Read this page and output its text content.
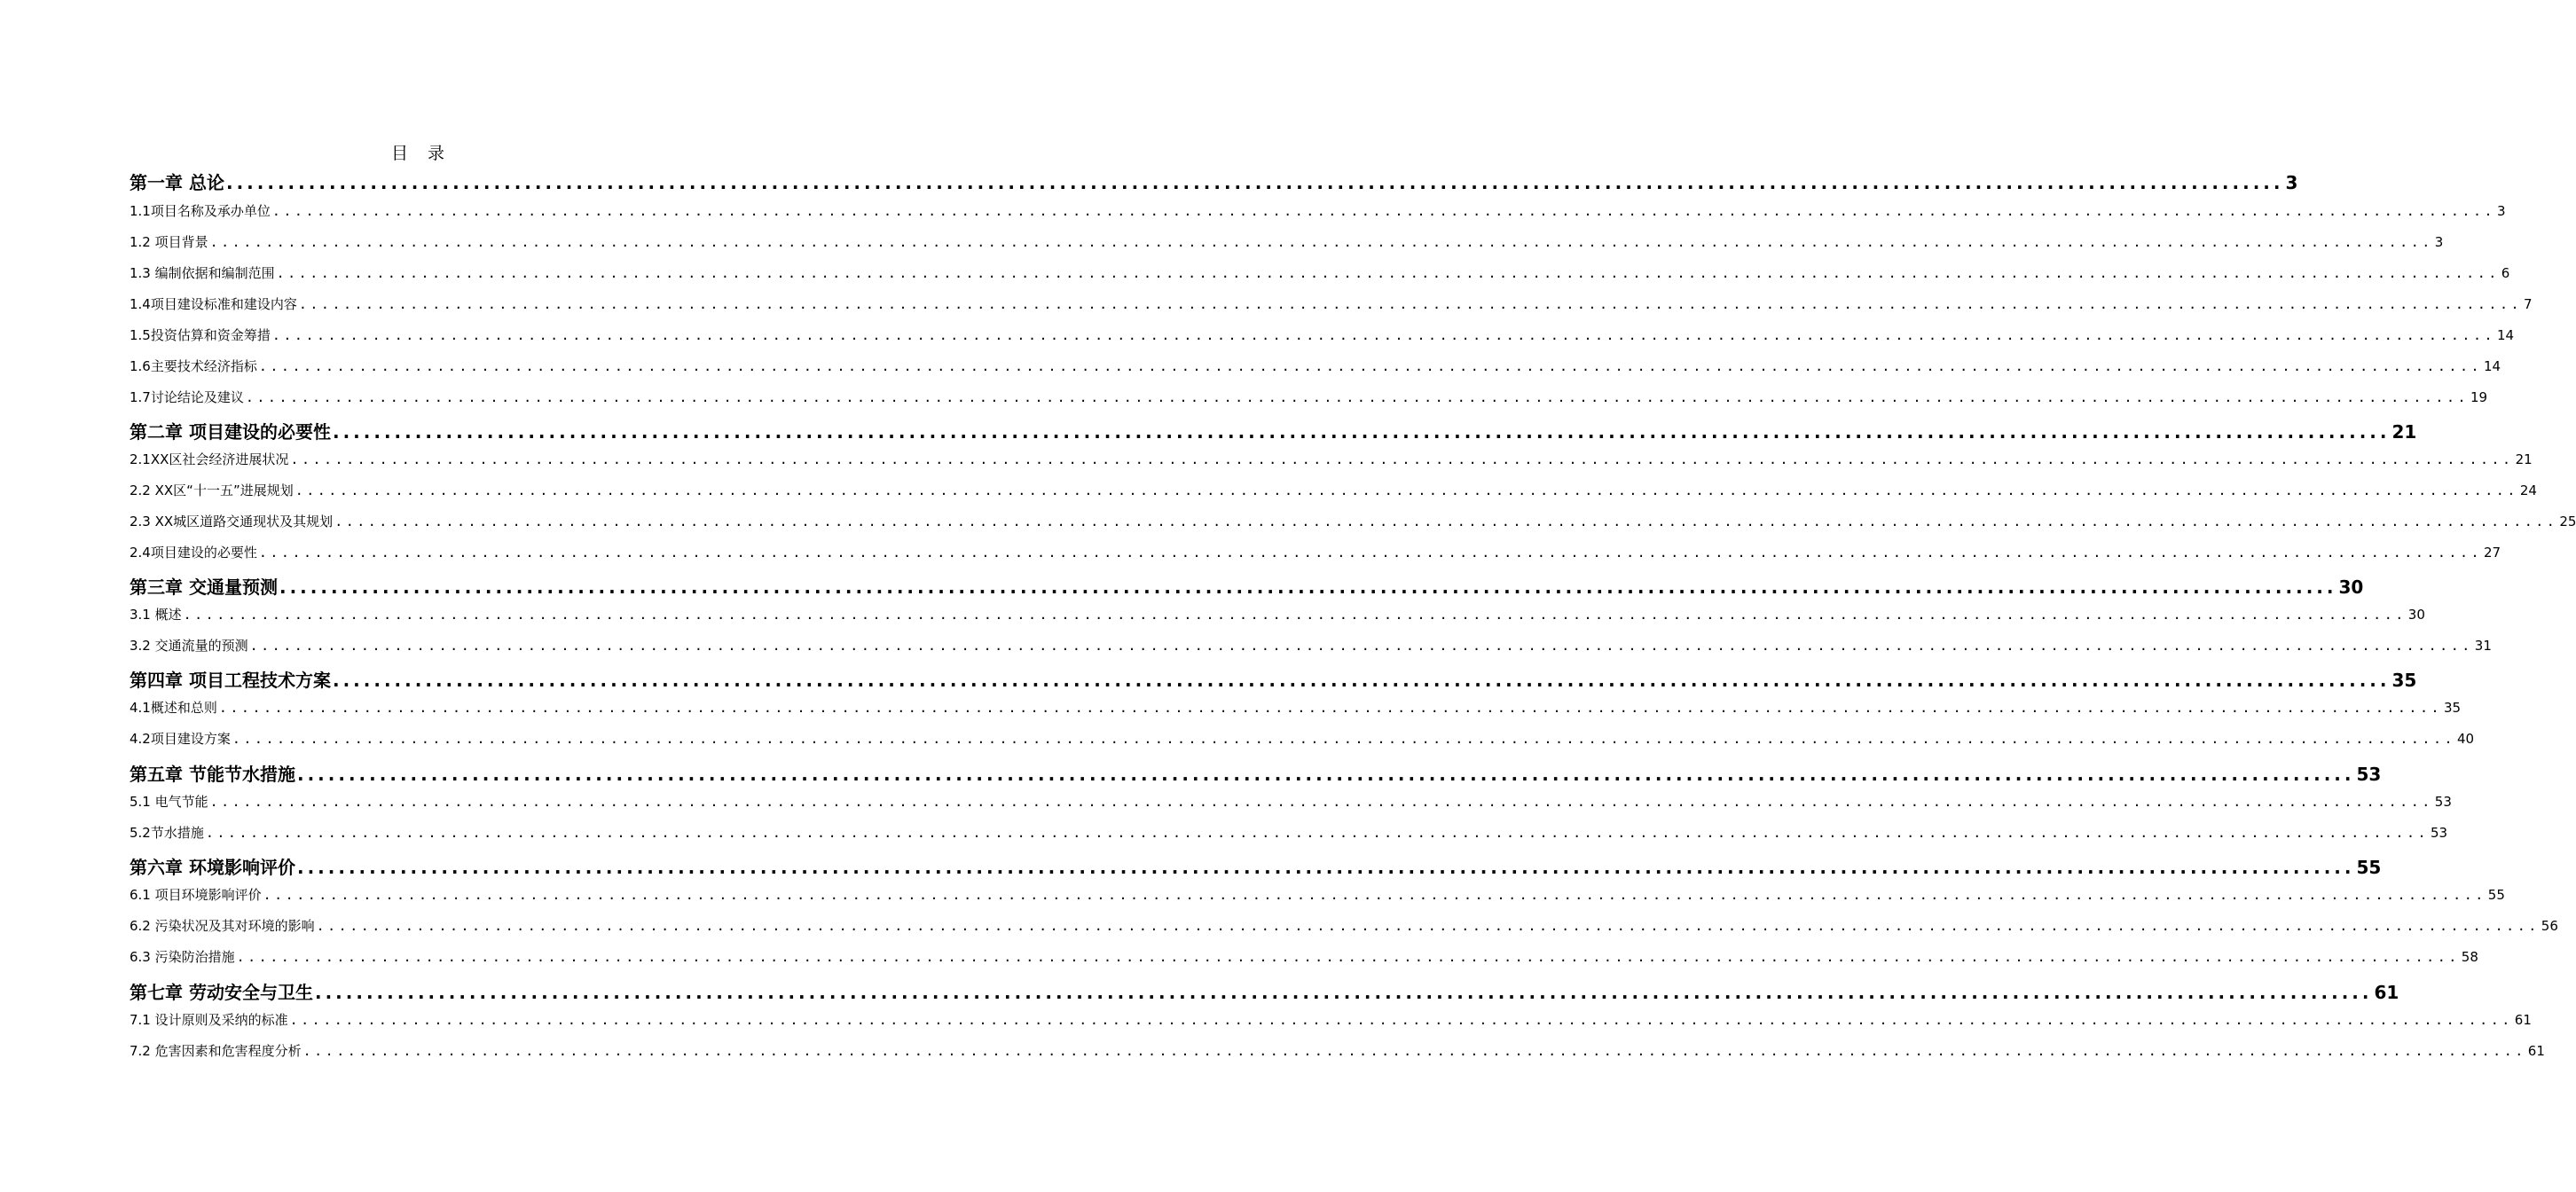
目 录
第一章 总论 ........................................................................................................................................................................................................ 3
1.1项目名称及承办单位 ........................................................................................................................................................................................................ 3
1.2 项目背景 ........................................................................................................................................................................................................ 3
1.3 编制依据和编制范围 ........................................................................................................................................................................................................ 6
1.4项目建设标准和建设内容 ........................................................................................................................................................................................................ 7
1.5投资估算和资金筹措 ........................................................................................................................................................................................................ 14
1.6主要技术经济指标 ........................................................................................................................................................................................................ 14
1.7讨论结论及建议 ........................................................................................................................................................................................................ 19
第二章 项目建设的必要性 ........................................................................................................................................................................................................ 21
2.1XX区社会经济进展状况 ........................................................................................................................................................................................................ 21
2.2 XX区“十一五”进展规划 ........................................................................................................................................................................................................ 24
2.3 XX城区道路交通现状及其规划 ........................................................................................................................................................................................................ 25
2.4项目建设的必要性 ........................................................................................................................................................................................................ 27
第三章 交通量预测 ........................................................................................................................................................................................................ 30
3.1 概述 ........................................................................................................................................................................................................ 30
3.2 交通流量的预测 ........................................................................................................................................................................................................ 31
第四章 项目工程技术方案 ........................................................................................................................................................................................................ 35
4.1概述和总则 ........................................................................................................................................................................................................ 35
4.2项目建设方案 ........................................................................................................................................................................................................ 40
第五章 节能节水措施 ........................................................................................................................................................................................................ 53
5.1 电气节能 ........................................................................................................................................................................................................ 53
5.2节水措施 ........................................................................................................................................................................................................ 53
第六章 环境影响评价 ........................................................................................................................................................................................................ 55
6.1 项目环境影响评价 ........................................................................................................................................................................................................ 55
6.2 污染状况及其对环境的影响 ........................................................................................................................................................................................................ 56
6.3 污染防治措施 ........................................................................................................................................................................................................ 58
第七章 劳动安全与卫生 ........................................................................................................................................................................................................ 61
7.1 设计原则及采纳的标准 ........................................................................................................................................................................................................ 61
7.2 危害因素和危害程度分析 ........................................................................................................................................................................................................ 61
